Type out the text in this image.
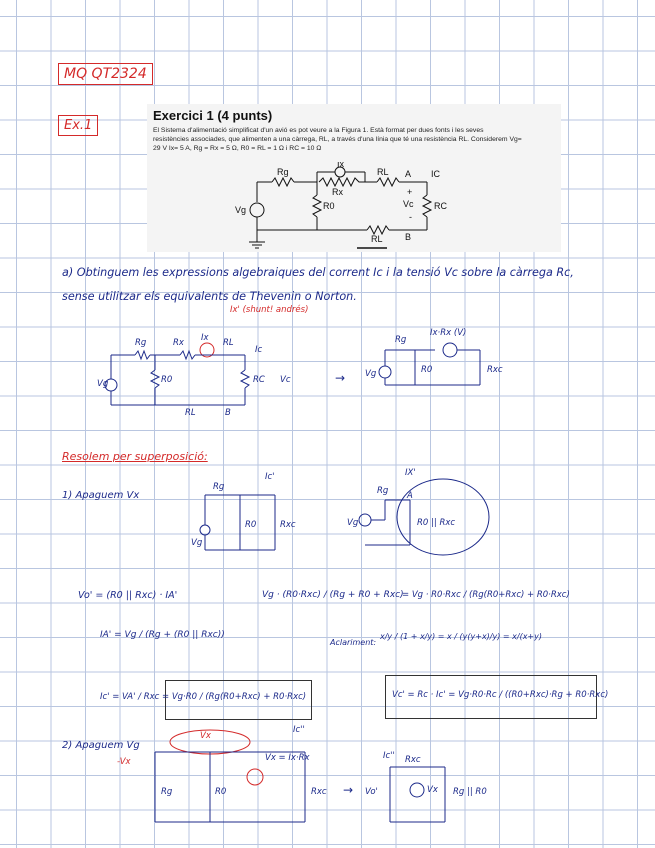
MQ QT2324
Ex.1
Exercici 1 (4 punts)
El Sistema d'alimentació simplificat d'un avió es pot veure a la Figura 1. Està format per dues fonts i les seves
resistències associades, que alimenten a una càrrega, RL, a través d'una línia que té una resistència RL. Considerem Vg=
29 V Ix= 5 A, Rg = Rx = 5 Ω, R0 = RL = 1 Ω i RC = 10 Ω
Ix
Rg	RL A IC
Rx	+
Vg	R0	Vc RC
-
RL B
a) Obtinguem les expressions algebraiques del corrent Ic i la tensió Vc sobre la càrrega Rc,
sense utilitzar els equivalents de Thevenin o Norton.
Ix' (shunt! andrés)
Rg	Rx Ix RL
Ic
R0	RC Vc
RL	B
Vg	→
Rg
Ix·Rx (V)
R0	Rxc
Vg
Resolem per superposició:
1) Apaguem Vx
Rg
Ic'
R0	Rxc
Vg
IX'
Rg A
Vg	R0 || Rxc
Vo' = (R0 || Rxc) · IA'	Vg · (R0·Rxc) / (Rg + R0 + Rxc)
= Vg · R0·Rxc / (Rg(R0+Rxc) + R0·Rxc)
IA' = Vg / (Rg + (R0 || Rxc))
Aclariment:
x/y / (1 + x/y) = x / (y(y+x)/y) = x/(x+y)
Ic' = VA' / Rxc = Vg·R0 / (Rg(R0+Rxc) + R0·Rxc)	Vc' = Rc · Ic' = Vg·R0·Rc / ((R0+Rxc)·Rg + R0·Rxc)
2) Apaguem Vg
Vx
Ic''
Vx = Ix·Rx
R0
Rg	Rxc
-Vx
Ic'' Rxc
Vx Rg || R0
Vo'
→
